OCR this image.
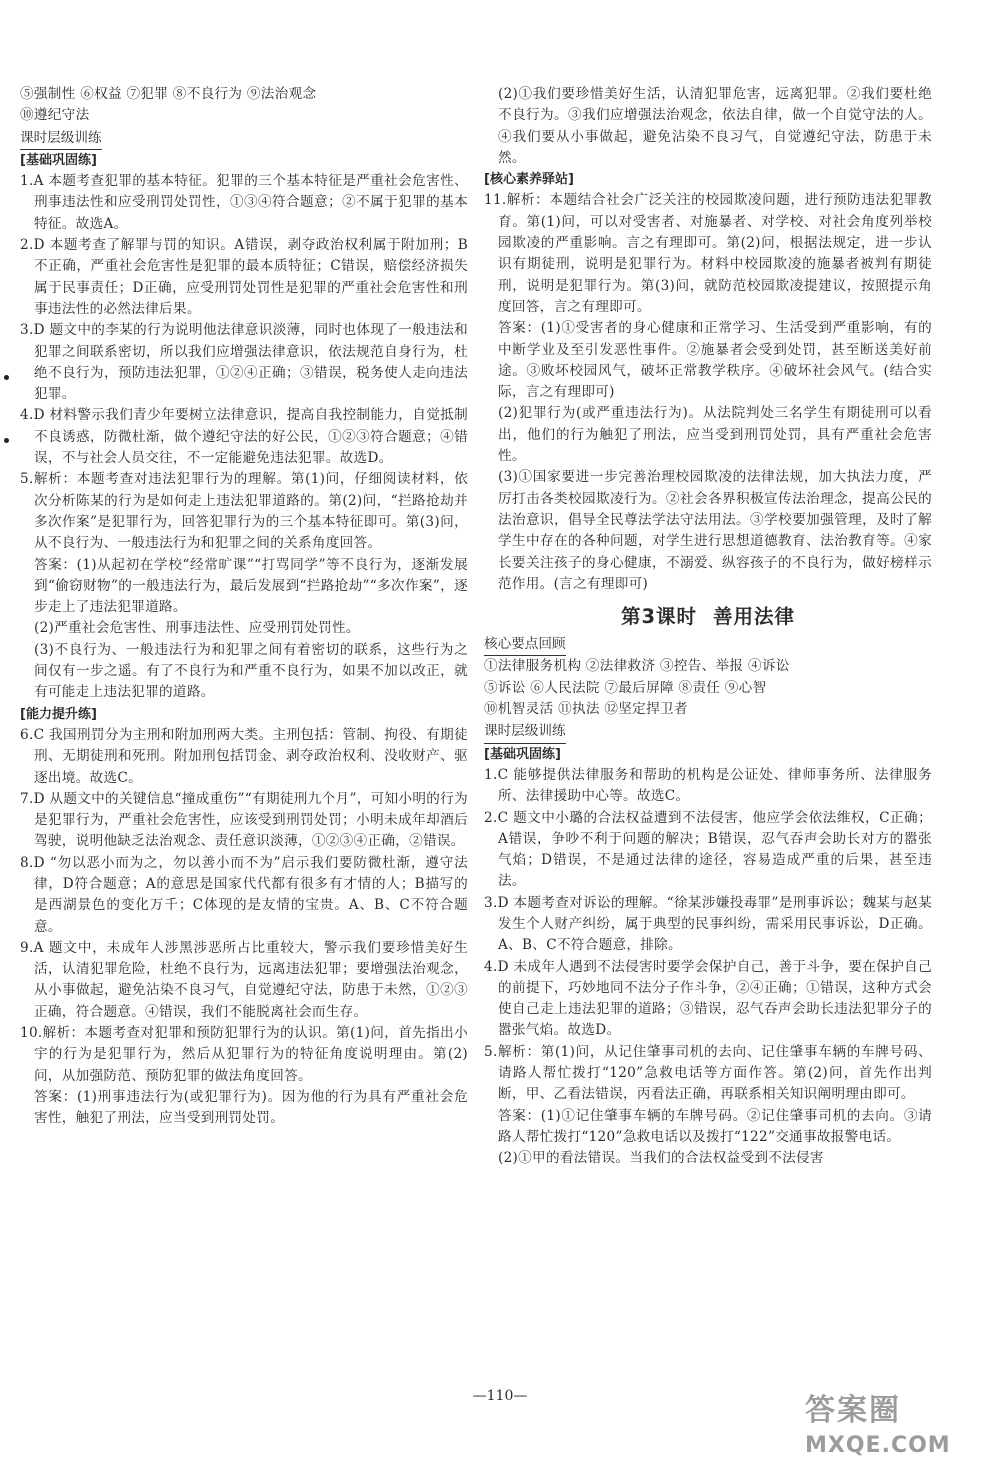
⑤强制性 ⑥权益 ⑦犯罪 ⑧不良行为 ⑨法治观念

⑩遵纪守法

课时层级训练
[基础巩固练]

1.A 本题考查犯罪的基本特征。犯罪的三个基本特征是严重社会危害性、刑事违法性和应受刑罚处罚性，①③④符合题意；②不属于犯罪的基本特征。故选A。

2.D 本题考查了解罪与罚的知识。A错误，剥夺政治权利属于附加刑；B不正确，严重社会危害性是犯罪的最本质特征；C错误，赔偿经济损失属于民事责任；D正确，应受刑罚处罚性是犯罪的严重社会危害性和刑事违法性的必然法律后果。

3.D 题文中的李某的行为说明他法律意识淡薄，同时也体现了一般违法和犯罪之间联系密切，所以我们应增强法律意识，依法规范自身行为，杜绝不良行为，预防违法犯罪，①②④正确；③错误，税务使人走向违法犯罪。

4.D 材料警示我们青少年要树立法律意识，提高自我控制能力，自觉抵制不良诱惑，防微杜渐，做个遵纪守法的好公民，①②③符合题意；④错误，不与社会人员交往，不一定能避免违法犯罪。故选D。

5.解析：本题考查对违法犯罪行为的理解。第(1)问，仔细阅读材料，依次分析陈某的行为是如何走上违法犯罪道路的。第(2)问，“拦路抢劫并多次作案”是犯罪行为，回答犯罪行为的三个基本特征即可。第(3)问，从不良行为、一般违法行为和犯罪之间的关系角度回答。

答案：(1)从起初在学校“经常旷课”“打骂同学”等不良行为，逐渐发展到“偷窃财物”的一般违法行为，最后发展到“拦路抢劫”“多次作案”，逐步走上了违法犯罪道路。

(2)严重社会危害性、刑事违法性、应受刑罚处罚性。

(3)不良行为、一般违法行为和犯罪之间有着密切的联系，这些行为之间仅有一步之遥。有了不良行为和严重不良行为，如果不加以改正，就有可能走上违法犯罪的道路。

[能力提升练]

6.C 我国刑罚分为主刑和附加刑两大类。主刑包括：管制、拘役、有期徒刑、无期徒刑和死刑。附加刑包括罚金、剥夺政治权利、没收财产、驱逐出境。故选C。

7.D 从题文中的关键信息“撞成重伤”“有期徒刑九个月”，可知小明的行为是犯罪行为，严重社会危害性，应该受到刑罚处罚；小明未成年却酒后驾驶，说明他缺乏法治观念、责任意识淡薄，①②③④正确，②错误。

8.D “勿以恶小而为之，勿以善小而不为”启示我们要防微杜渐，遵守法律，D符合题意；A的意思是国家代代都有很多有才情的人；B描写的是西湖景色的变化万千；C体现的是友情的宝贵。A、B、C不符合题意。

9.A 题文中，未成年人涉黑涉恶所占比重较大，警示我们要珍惜美好生活，认清犯罪危险，杜绝不良行为，远离违法犯罪；要增强法治观念，从小事做起，避免沾染不良习气，自觉遵纪守法，防患于未然，①②③正确，符合题意。④错误，我们不能脱离社会而生存。

10.解析：本题考查对犯罪和预防犯罪行为的认识。第(1)问，首先指出小宇的行为是犯罪行为，然后从犯罪行为的特征角度说明理由。第(2)问，从加强防范、预防犯罪的做法角度回答。

答案：(1)刑事违法行为(或犯罪行为)。因为他的行为具有严重社会危害性，触犯了刑法，应当受到刑罚处罚。

(2)①我们要珍惜美好生活，认清犯罪危害，远离犯罪。②我们要杜绝不良行为。③我们应增强法治观念，依法自律，做一个自觉守法的人。④我们要从小事做起，避免沾染不良习气，自觉遵纪守法，防患于未然。

[核心素养驿站]

11.解析：本题结合社会广泛关注的校园欺凌问题，进行预防违法犯罪教育。第(1)问，可以对受害者、对施暴者、对学校、对社会角度列举校园欺凌的严重影响。言之有理即可。第(2)问，根据法规定，进一步认识有期徒刑，说明是犯罪行为。材料中校园欺凌的施暴者被判有期徒刑，说明是犯罪行为。第(3)问，就防范校园欺凌提建议，按照提示角度回答，言之有理即可。

答案：(1)①受害者的身心健康和正常学习、生活受到严重影响，有的中断学业及至引发恶性事件。②施暴者会受到处罚，甚至断送美好前途。③败坏校园风气，破坏正常教学秩序。④破坏社会风气。(结合实际，言之有理即可)

(2)犯罪行为(或严重违法行为)。从法院判处三名学生有期徒刑可以看出，他们的行为触犯了刑法，应当受到刑罚处罚，具有严重社会危害性。

(3)①国家要进一步完善治理校园欺凌的法律法规，加大执法力度，严厉打击各类校园欺凌行为。②社会各界积极宣传法治理念，提高公民的法治意识，倡导全民尊法学法守法用法。③学校要加强管理，及时了解学生中存在的各种问题，对学生进行思想道德教育、法治教育等。④家长要关注孩子的身心健康，不溺爱、纵容孩子的不良行为，做好榜样示范作用。(言之有理即可)

第3课时 善用法律
核心要点回顾

①法律服务机构 ②法律救济 ③控告、举报 ④诉讼

⑤诉讼 ⑥人民法院 ⑦最后屏障 ⑧责任 ⑨心智

⑩机智灵活 ⑪执法 ⑫坚定捍卫者

课时层级训练
[基础巩固练]

1.C 能够提供法律服务和帮助的机构是公证处、律师事务所、法律服务所、法律援助中心等。故选C。

2.C 题文中小璐的合法权益遭到不法侵害，他应学会依法维权，C正确；A错误，争吵不利于问题的解决；B错误，忍气吞声会助长对方的嚣张气焰；D错误，不是通过法律的途径，容易造成严重的后果，甚至违法。

3.D 本题考查对诉讼的理解。“徐某涉嫌投毒罪”是刑事诉讼；魏某与赵某发生个人财产纠纷，属于典型的民事纠纷，需采用民事诉讼，D正确。A、B、C不符合题意，排除。

4.D 未成年人遇到不法侵害时要学会保护自己，善于斗争，要在保护自己的前提下，巧妙地同不法分子作斗争，②④正确；①错误，这种方式会使自己走上违法犯罪的道路；③错误，忍气吞声会助长违法犯罪分子的嚣张气焰。故选D。

5.解析：第(1)问，从记住肇事司机的去向、记住肇事车辆的车牌号码、请路人帮忙拨打“120”急救电话等方面作答。第(2)问，首先作出判断，甲、乙看法错误，丙看法正确，再联系相关知识阐明理由即可。

答案：(1)①记住肇事车辆的车牌号码。②记住肇事司机的去向。③请路人帮忙拨打“120”急救电话以及拨打“122”交通事故报警电话。

(2)①甲的看法错误。当我们的合法权益受到不法侵害

—110—	答案圈
MXQE.COM
